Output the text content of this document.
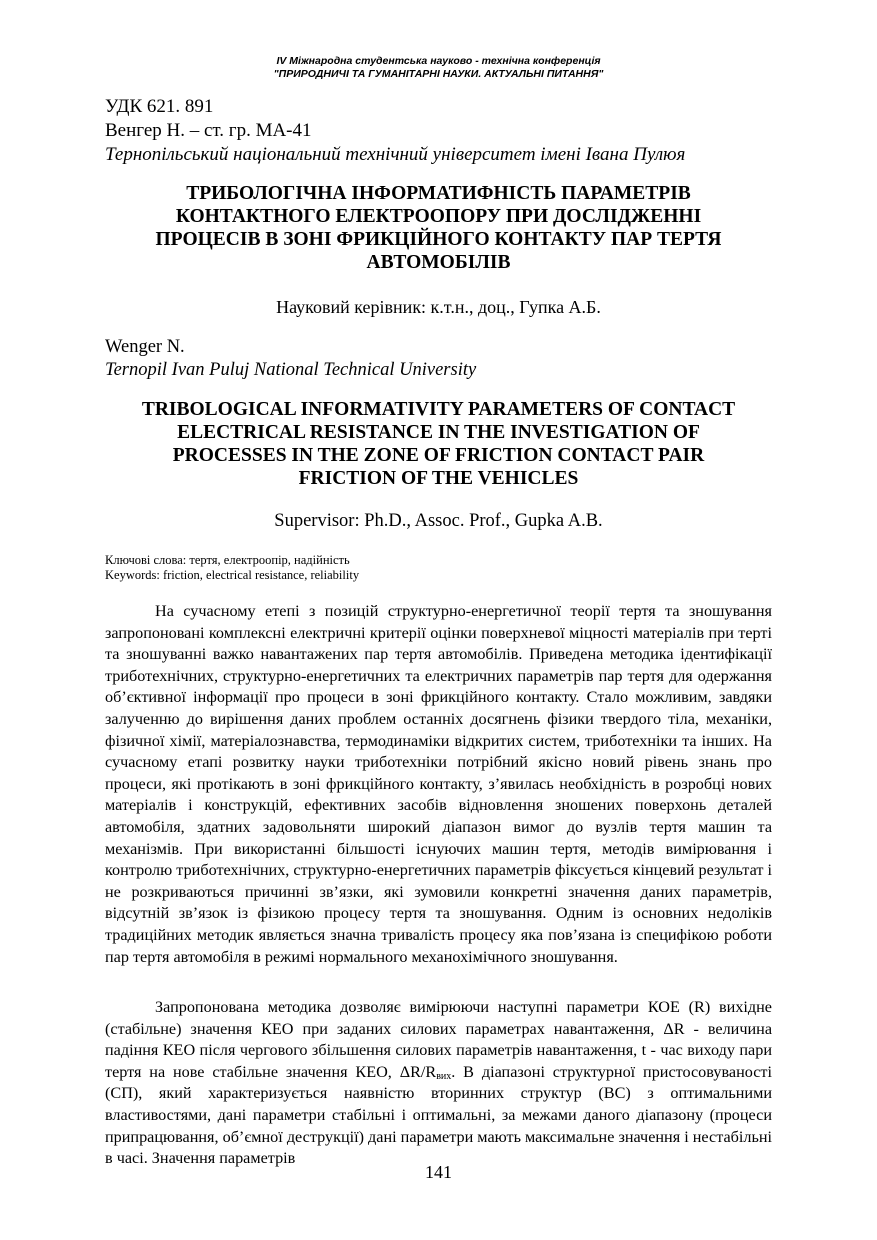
IV Міжнародна студентська науково - технічна конференція
"ПРИРОДНИЧІ ТА ГУМАНІТАРНІ НАУКИ. АКТУАЛЬНІ ПИТАННЯ"
УДК 621. 891
Венгер Н. – ст. гр. МА-41
Тернопільський національний технічний університет імені Івана Пулюя
ТРИБОЛОГІЧНА ІНФОРМАТИФНІСТЬ ПАРАМЕТРІВ
КОНТАКТНОГО ЕЛЕКТРООПОРУ ПРИ ДОСЛІДЖЕННІ
ПРОЦЕСІВ В ЗОНІ ФРИКЦІЙНОГО КОНТАКТУ ПАР ТЕРТЯ
АВТОМОБІЛІВ
Науковий керівник: к.т.н., доц., Гупка А.Б.
Wenger N.
Ternopil Ivan Puluj National Technical University
TRIBOLOGICAL INFORMATIVITY PARAMETERS OF CONTACT
ELECTRICAL RESISTANCE IN THE INVESTIGATION OF
PROCESSES IN THE ZONE OF FRICTION CONTACT PAIR
FRICTION OF THE VEHICLES
Supervisor: Ph.D., Assoc. Prof., Gupka A.B.
Ключові слова: тертя, електроопір, надійність
Keywords: friction, electrical resistance, reliability

На сучасному етепі з позицій структурно-енергетичної теорії тертя та зношування запропоновані комплексні електричні критерії оцінки поверхневої міцності матеріалів при терті та зношуванні важко навантажених пар тертя автомобілів. Приведена методика ідентифікації триботехнічних, структурно-енергетичних та електричних параметрів пар тертя для одержання об’єктивної інформації про процеси в зоні фрикційного контакту. Стало можливим, завдяки залученню до вирішення даних проблем останніх досягнень фізики твердого тіла, механіки, фізичної хімії, матеріалознавства, термодинаміки відкритих систем, триботехніки та інших. На сучасному етапі розвитку науки триботехніки потрібний якісно новий рівень знань про процеси, які протікають в зоні фрикційного контакту, з’явилась необхідність в розробці нових матеріалів і конструкцій, ефективних засобів відновлення зношених поверхонь деталей автомобіля, здатних задовольняти широкий діапазон вимог до вузлів тертя машин та механізмів. При використанні більшості існуючих машин тертя, методів вимірювання і контролю триботехнічних, структурно-енергетичних параметрів фіксується кінцевий результат і не розкриваються причинні зв’язки, які зумовили конкретні значення даних параметрів, відсутній зв’язок із фізикою процесу тертя та зношування. Одним із основних недоліків традиційних методик являється значна тривалість процесу яка пов’язана із специфікою роботи пар тертя автомобіля в режимі нормального механохімічного зношування.

Запропонована методика дозволяє вимірюючи наступні параметри КОЕ (R) вихідне (стабільне) значення КЕО при заданих силових параметрах навантаження, ΔR - величина падіння КЕО після чергового збільшення силових параметрів навантаження, t - час виходу пари тертя на нове стабільне значення КЕО, $\Delta R/R_{вих}$. В діапазоні структурної пристосовуваності (СП), який характеризується наявністю вторинних структур (ВС) з оптимальними властивостями, дані параметри стабільні і оптимальні, за межами даного діапазону (процеси припрацювання, об’ємної деструкції) дані параметри мають максимальне значення і нестабільні в часі. Значення параметрів

141
